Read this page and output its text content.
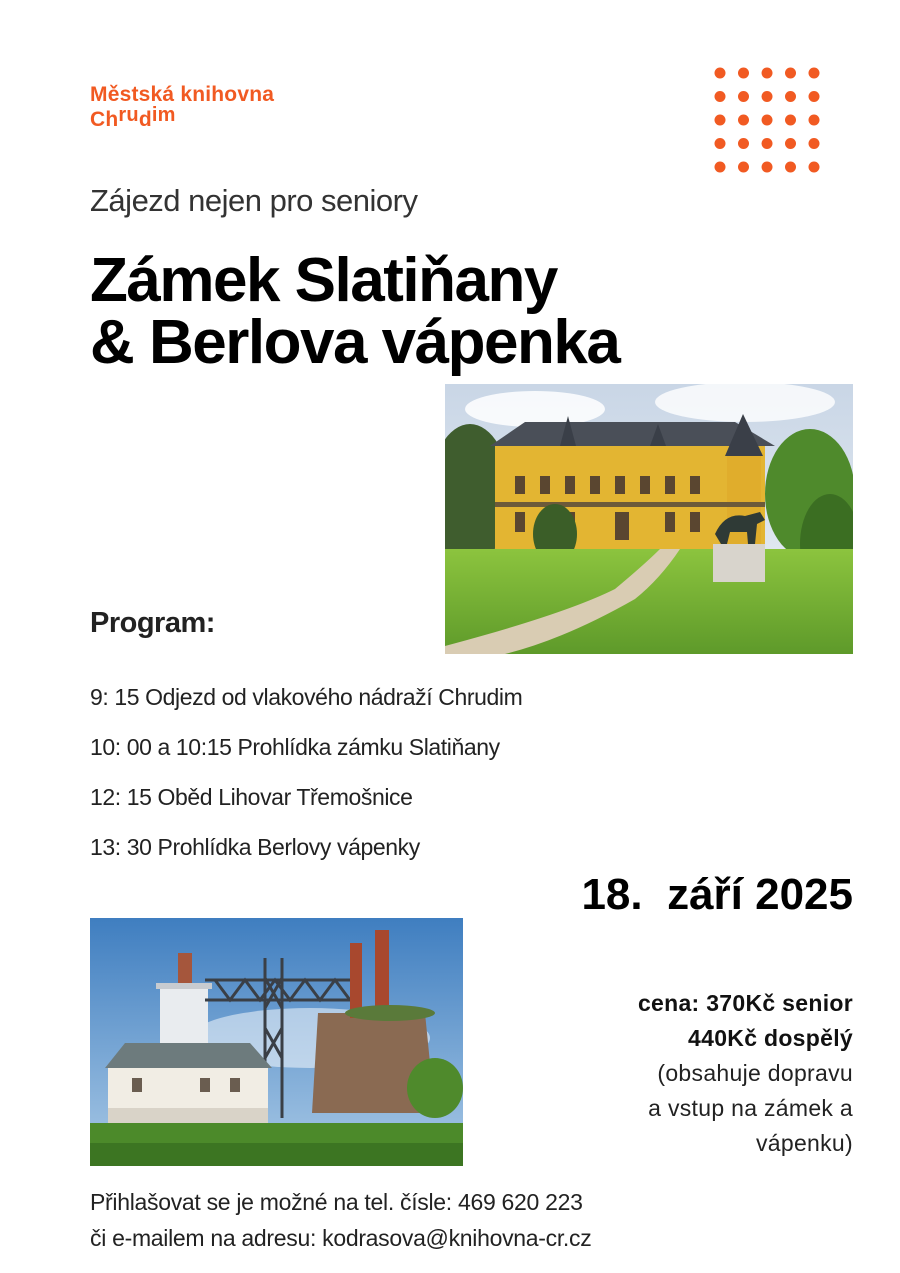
Městská knihovna
Chrudim
Zájezd nejen pro seniory
Zámek Slatiňany
& Berlova vápenka
Program:
9: 15 Odjezd od vlakového nádraží Chrudim
10: 00 a 10:15 Prohlídka zámku Slatiňany
12: 15 Oběd Lihovar Třemošnice
13: 30 Prohlídka Berlovy vápenky
18.  září 2025
cena: 370Kč senior
440Kč dospělý
(obsahuje dopravu
a vstup na zámek a
vápenku)
Přihlašovat se je možné na tel. čísle: 469 620 223
či e-mailem na adresu: kodrasova@knihovna-cr.cz
